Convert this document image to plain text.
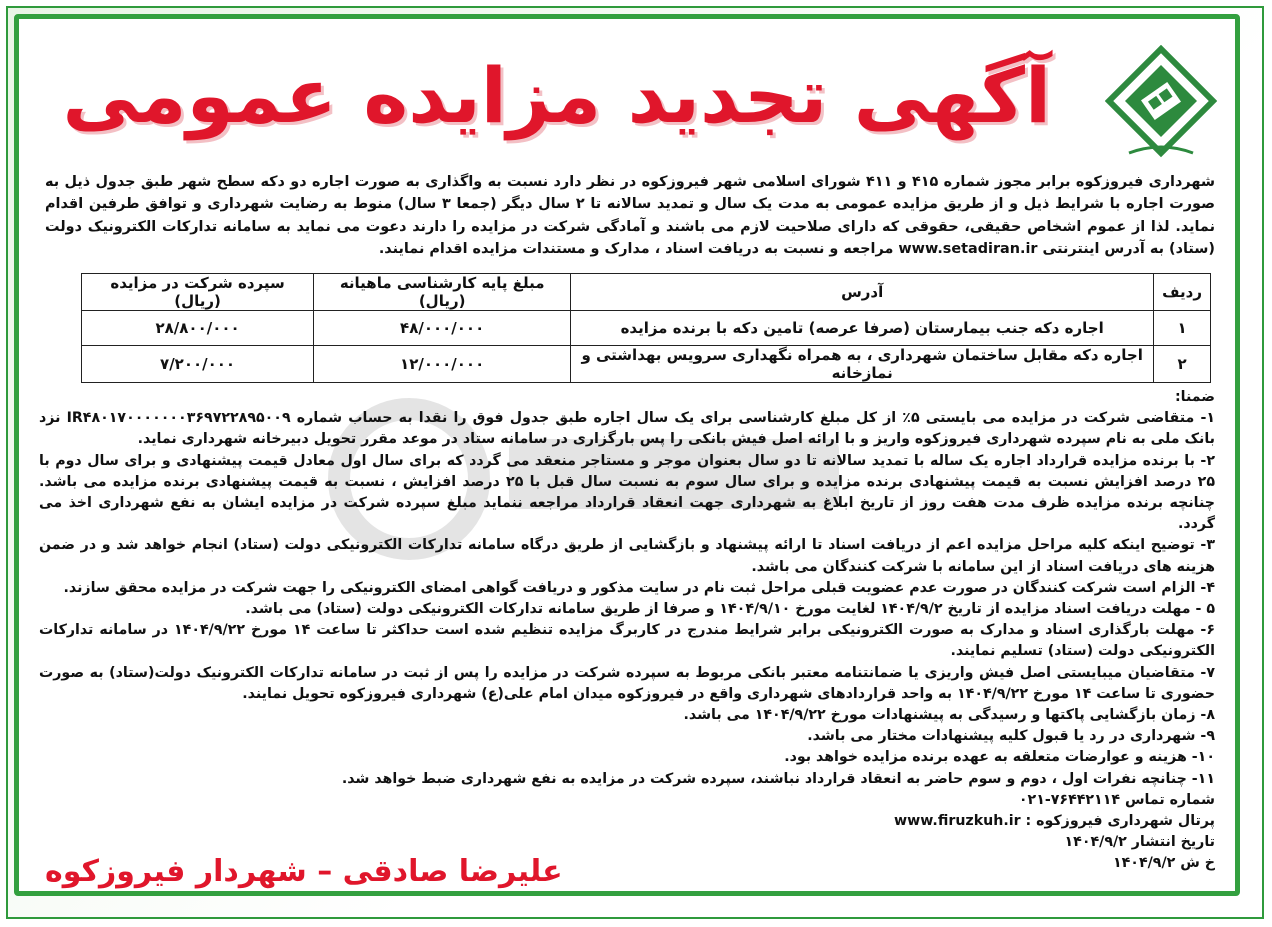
آگهی تجدید مزایده عمومی
شهرداری فیروزکوه برابر مجوز شماره ۴۱۵ و ۴۱۱ شورای اسلامی شهر فیروزکوه در نظر دارد نسبت به واگذاری به صورت اجاره دو دکه سطح شهر طبق جدول ذیل به صورت اجاره با شرایط ذیل و از طریق مزایده عمومی به مدت یک سال و تمدید سالانه تا ۲ سال دیگر (جمعا ۳ سال) منوط به رضایت شهرداری و توافق طرفین اقدام نماید. لذا از عموم اشخاص حقیقی، حقوقی که دارای صلاحیت لازم می باشند و آمادگی شرکت در مزایده را دارند دعوت می نماید به سامانه تدارکات الکترونیک دولت (ستاد) به آدرس اینترنتی www.setadiran.ir مراجعه و نسبت به دریافت اسناد ، مدارک و مستندات مزایده اقدام نمایند.
ردیف	آدرس	مبلغ پایه کارشناسی ماهیانه (ریال)	سپرده شرکت در مزایده (ریال)
۱	اجاره دکه جنب بیمارستان (صرفا عرصه) تامین دکه با برنده مزایده	۴۸/۰۰۰/۰۰۰	۲۸/۸۰۰/۰۰۰
۲	اجاره دکه مقابل ساختمان شهرداری ، به همراه نگهداری سرویس بهداشتی و نمازخانه	۱۲/۰۰۰/۰۰۰	۷/۲۰۰/۰۰۰

ضمنا:

۱- متقاضی شرکت در مزایده می بایستی ۵٪ از کل مبلغ کارشناسی برای یک سال اجاره طبق جدول فوق را نقدا به حساب شماره IR۴۸۰۱۷۰۰۰۰۰۰۰۳۶۹۷۲۲۸۹۵۰۰۹ نزد بانک ملی به نام سپرده شهرداری فیروزکوه واریز و با ارائه اصل فیش بانکی را پس بارگزاری در سامانه ستاد در موعد مقرر تحویل دبیرخانه شهرداری نماید.

۲- با برنده مزایده قرارداد اجاره یک ساله با تمدید سالانه تا دو سال بعنوان موجر و مستاجر منعقد می گردد که برای سال اول معادل قیمت پیشنهادی و برای سال دوم با ۲۵ درصد افزایش نسبت به قیمت پیشنهادی برنده مزایده و برای سال سوم به نسبت سال قبل با ۲۵ درصد افزایش ، نسبت به قیمت پیشنهادی برنده مزایده می باشد. چنانچه برنده مزایده ظرف مدت هفت روز از تاریخ ابلاغ به شهرداری جهت انعقاد قرارداد مراجعه ننماید مبلغ سپرده شرکت در مزایده ایشان به نفع شهرداری اخذ می گردد.

۳- توضیح اینکه کلیه مراحل مزایده اعم از دریافت اسناد تا ارائه پیشنهاد و بازگشایی از طریق درگاه سامانه تدارکات الکترونیکی دولت (ستاد) انجام خواهد شد و در ضمن هزینه های دریافت اسناد از این سامانه با شرکت کنندگان می باشد.

۴- الزام است شرکت کنندگان در صورت عدم عضویت قبلی مراحل ثبت نام در سایت مذکور و دریافت گواهی امضای الکترونیکی را جهت شرکت در مزایده محقق سازند.

۵ - مهلت دریافت اسناد مزایده از تاریخ ۱۴۰۴/۹/۲ لغایت مورخ ۱۴۰۴/۹/۱۰ و صرفا از طریق سامانه تدارکات الکترونیکی دولت (ستاد) می باشد.

۶- مهلت بارگذاری اسناد و مدارک به صورت الکترونیکی برابر شرایط مندرج در کاربرگ مزایده تنظیم شده است حداکثر تا ساعت ۱۴ مورخ ۱۴۰۴/۹/۲۲ در سامانه تدارکات الکترونیکی دولت (ستاد) تسلیم نمایند.

۷- متقاضیان میبایستی اصل فیش واریزی یا ضمانتنامه معتبر بانکی مربوط به سپرده شرکت در مزایده را پس از ثبت در سامانه تدارکات الکترونیک دولت(ستاد) به صورت حضوری تا ساعت ۱۴ مورخ ۱۴۰۴/۹/۲۲ به واحد قراردادهای شهرداری واقع در فیروزکوه میدان امام علی(ع) شهرداری فیروزکوه تحویل نمایند.

۸- زمان بازگشایی پاکتها و رسیدگی به پیشنهادات مورخ ۱۴۰۴/۹/۲۲ می باشد.

۹- شهرداری در رد یا قبول کلیه پیشنهادات مختار می باشد.

۱۰- هزینه و عوارضات متعلقه به عهده برنده مزایده خواهد بود.

۱۱- چنانچه نفرات اول ، دوم و سوم حاضر به انعقاد قرارداد نباشند، سپرده شرکت در مزایده به نفع شهرداری ضبط خواهد شد.

شماره تماس ۷۶۴۴۲۱۱۴-۰۲۱

پرتال شهرداری فیروزکوه : www.firuzkuh.ir

تاریخ انتشار ۱۴۰۴/۹/۲

خ ش ۱۴۰۴/۹/۲

علیرضا صادقی – شهردار فیروزکوه
